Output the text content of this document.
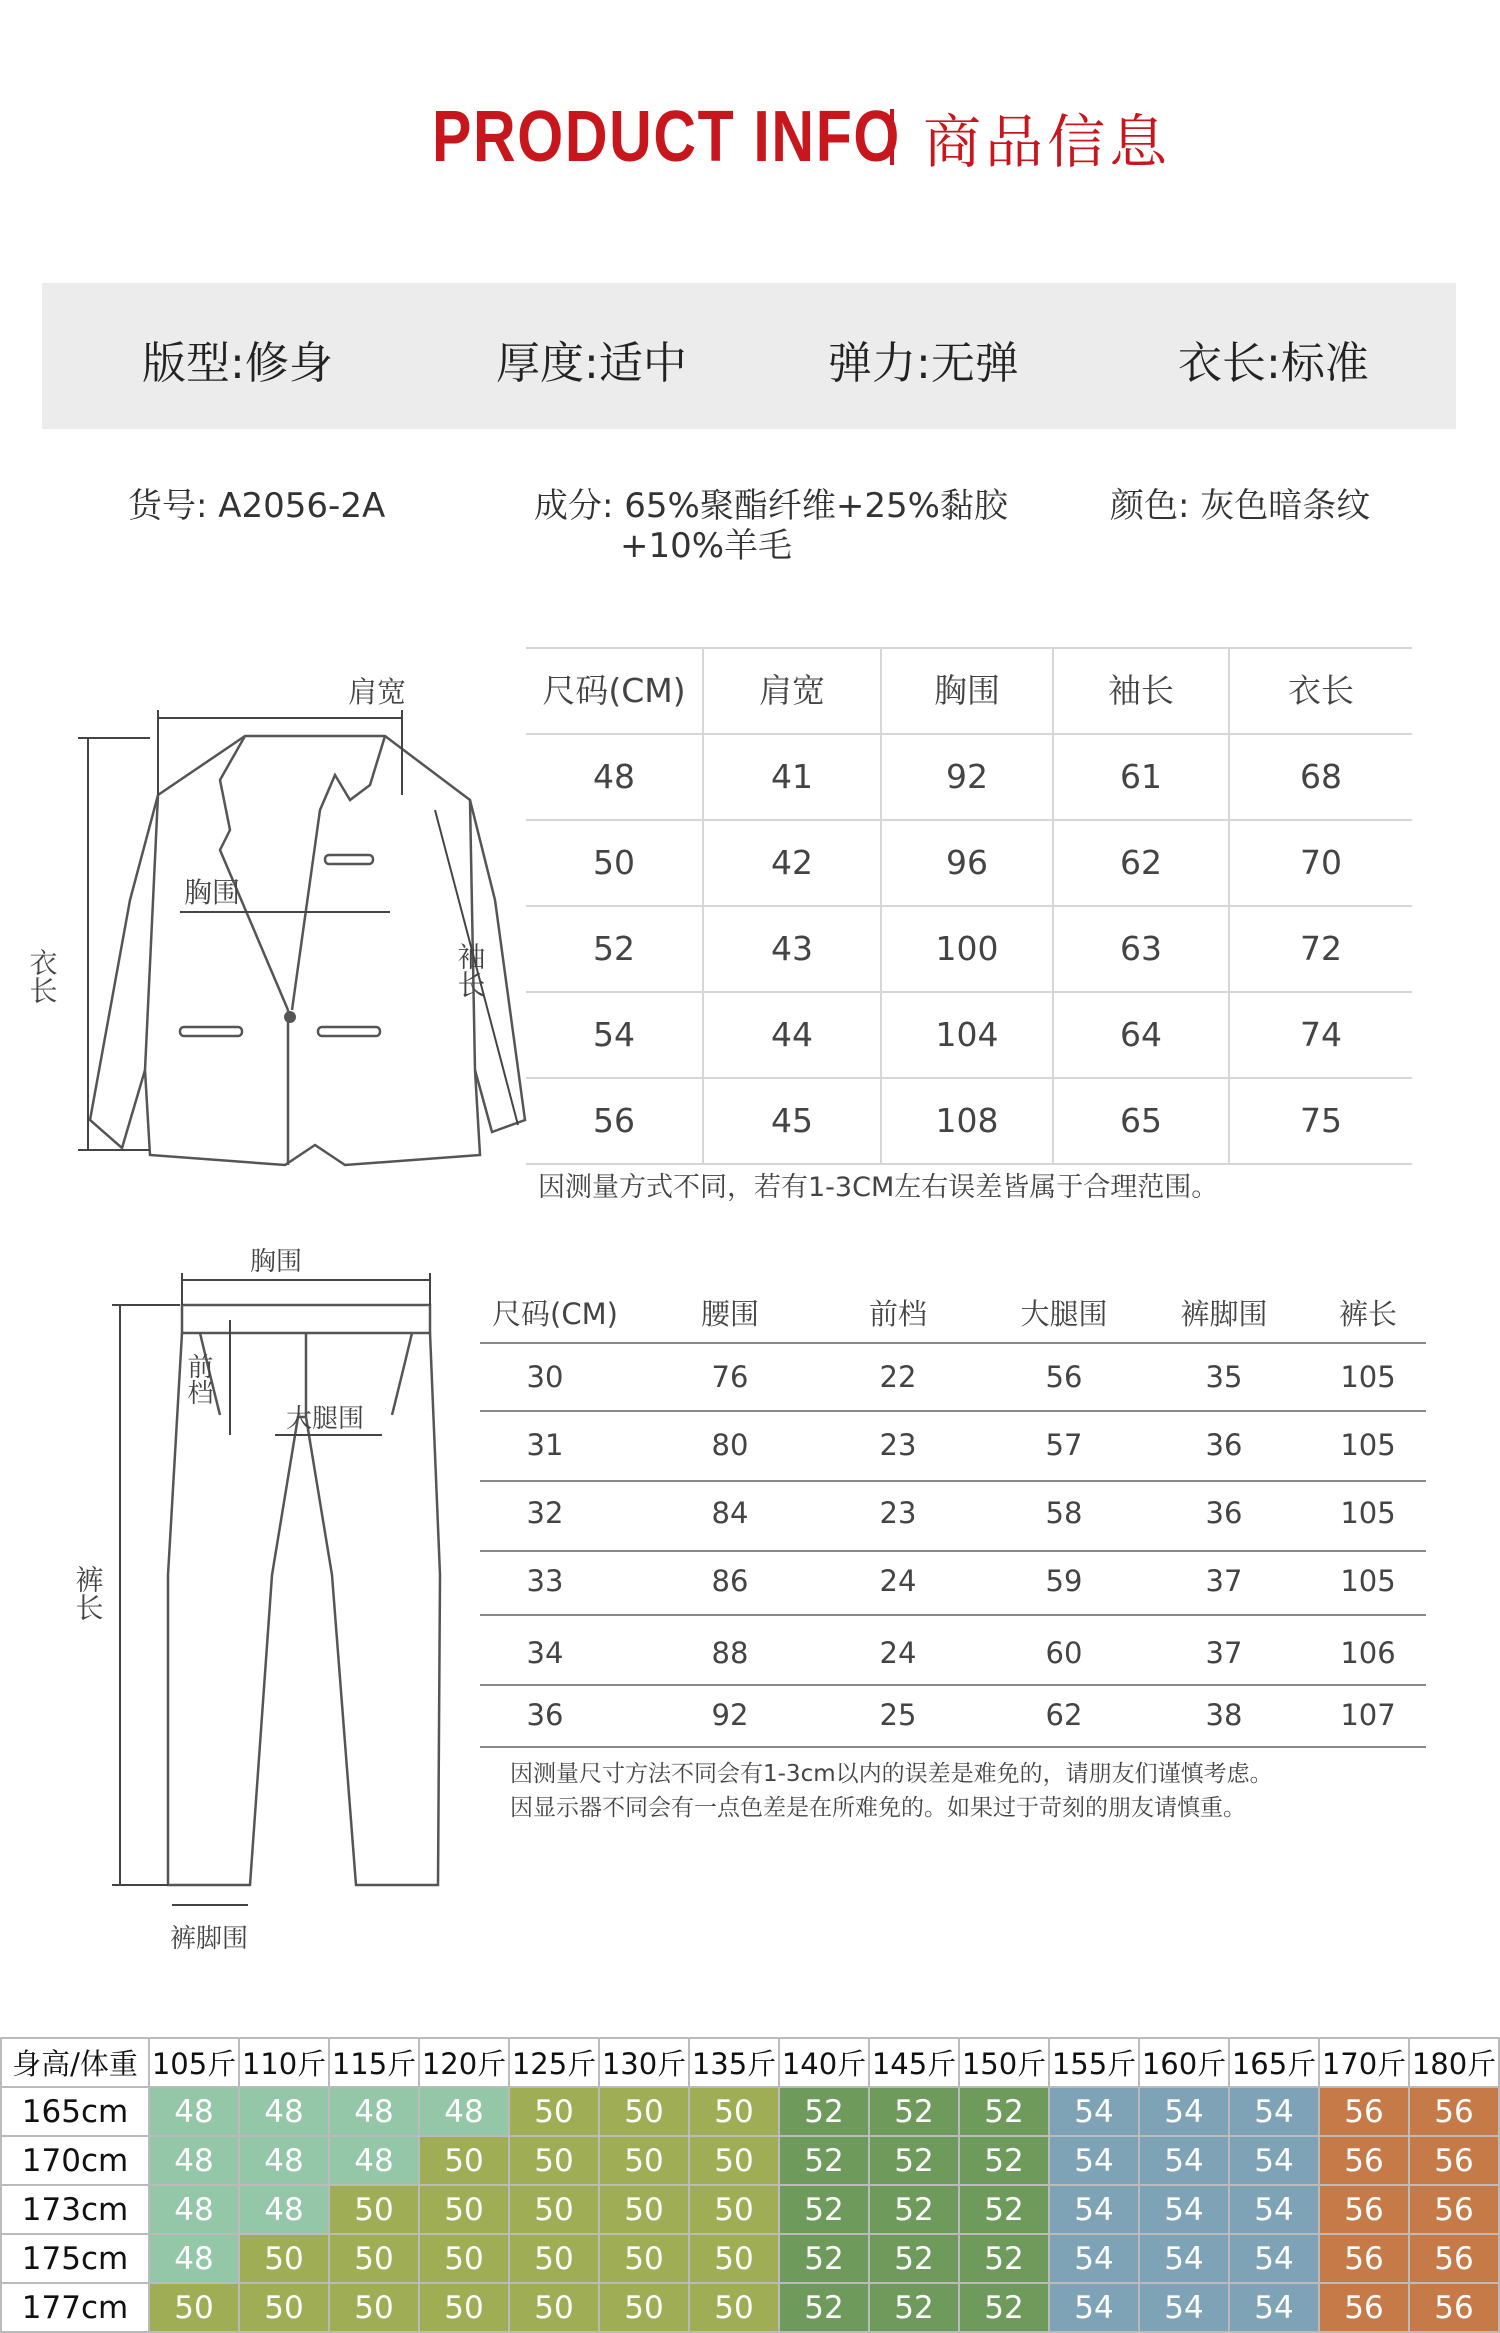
PRODUCT INFO 商品信息
版型:修身	厚度:适中	弹力:无弹	衣长:标准
货号: A2056-2A	成分: 65%聚酯纤维+25%黏胶
+10%羊毛
颜色: 灰色暗条纹
肩宽
胸围
衣长	袖长
尺码(CM)	肩宽	胸围	袖长	衣长
48	41	92	61	68
50	42	96	62	70
52	43	100	63	72
54	44	104	64	74
56	45	108	65	75
因测量方式不同，若有1-3CM左右误差皆属于合理范围。
胸围
前档
大腿围
裤长
裤脚围
尺码(CM)	腰围	前档	大腿围	裤脚围	裤长
30	76	22	56	35	105
31	80	23	57	36	105
32	84	23	58	36	105
33	86	24	59	37	105
34	88	24	60	37	106
36	92	25	62	38	107
因测量尺寸方法不同会有1-3cm以内的误差是难免的，请朋友们谨慎考虑。
因显示器不同会有一点色差是在所难免的。如果过于苛刻的朋友请慎重。
身高/体重	105斤	110斤	115斤	120斤	125斤	130斤	135斤	140斤	145斤	150斤	155斤	160斤	165斤	170斤	180斤
165cm	48	48	48	48	50	50	50	52	52	52	54	54	54	56	56
170cm	48	48	48	50	50	50	50	52	52	52	54	54	54	56	56
173cm	48	48	50	50	50	50	50	52	52	52	54	54	54	56	56
175cm	48	50	50	50	50	50	50	52	52	52	54	54	54	56	56
177cm	50	50	50	50	50	50	50	52	52	52	54	54	54	56	56
